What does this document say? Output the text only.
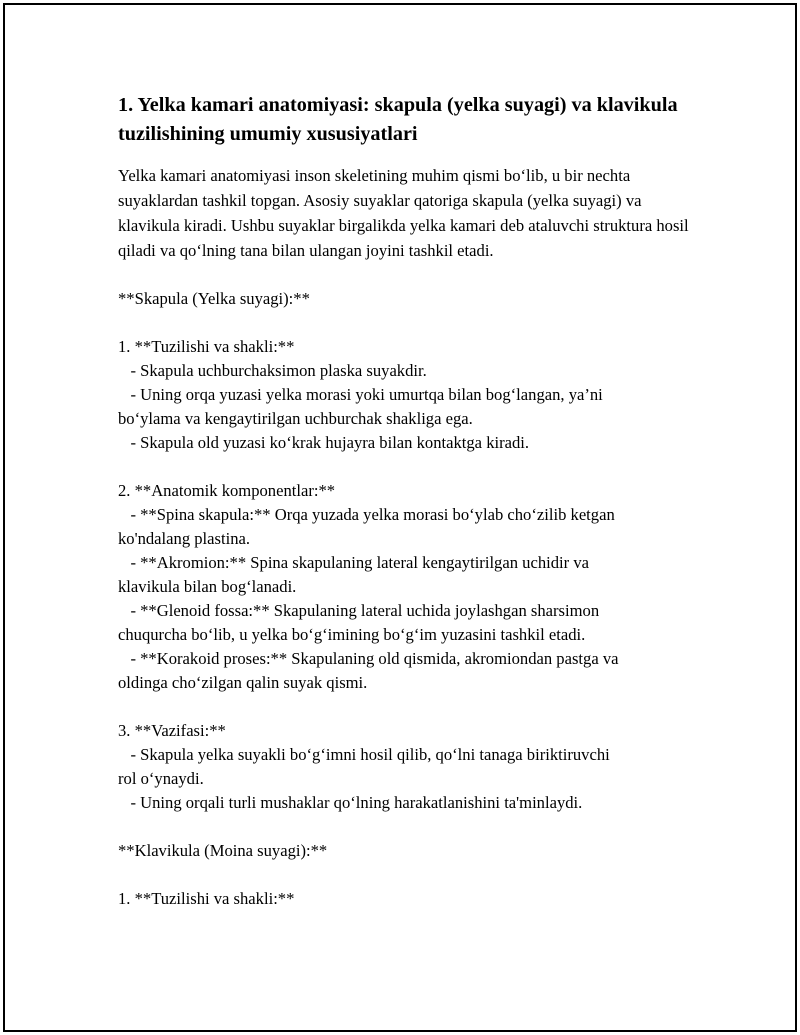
1. Yelka kamari anatomiyasi: skapula (yelka suyagi) va klavikula tuzilishining umumiy xususiyatlari

Yelka kamari anatomiyasi inson skeletining muhim qismi bo‘lib, u bir nechta suyaklardan tashkil topgan. Asosiy suyaklar qatoriga skapula (yelka suyagi) va klavikula kiradi. Ushbu suyaklar birgalikda yelka kamari deb ataluvchi struktura hosil qiladi va qo‘lning tana bilan ulangan joyini tashkil etadi.

**Skapula (Yelka suyagi):**
1. **Tuzilishi va shakli:**
- Skapula uchburchaksimon plaska suyakdir.
- Uning orqa yuzasi yelka morasi yoki umurtqa bilan bog‘langan, ya’ni
bo‘ylama va kengaytirilgan uchburchak shakliga ega.
- Skapula old yuzasi ko‘krak hujayra bilan kontaktga kiradi.
2. **Anatomik komponentlar:**
- **Spina skapula:** Orqa yuzada yelka morasi bo‘ylab cho‘zilib ketgan
ko'ndalang plastina.
- **Akromion:** Spina skapulaning lateral kengaytirilgan uchidir va
klavikula bilan bog‘lanadi.
- **Glenoid fossa:** Skapulaning lateral uchida joylashgan sharsimon
chuqurcha bo‘lib, u yelka bo‘g‘imining bo‘g‘im yuzasini tashkil etadi.
- **Korakoid proses:** Skapulaning old qismida, akromiondan pastga va
oldinga cho‘zilgan qalin suyak qismi.
3. **Vazifasi:**
- Skapula yelka suyakli bo‘g‘imni hosil qilib, qo‘lni tanaga biriktiruvchi
rol o‘ynaydi.
- Uning orqali turli mushaklar qo‘lning harakatlanishini ta'minlaydi.
**Klavikula (Moina suyagi):**
1. **Tuzilishi va shakli:**
